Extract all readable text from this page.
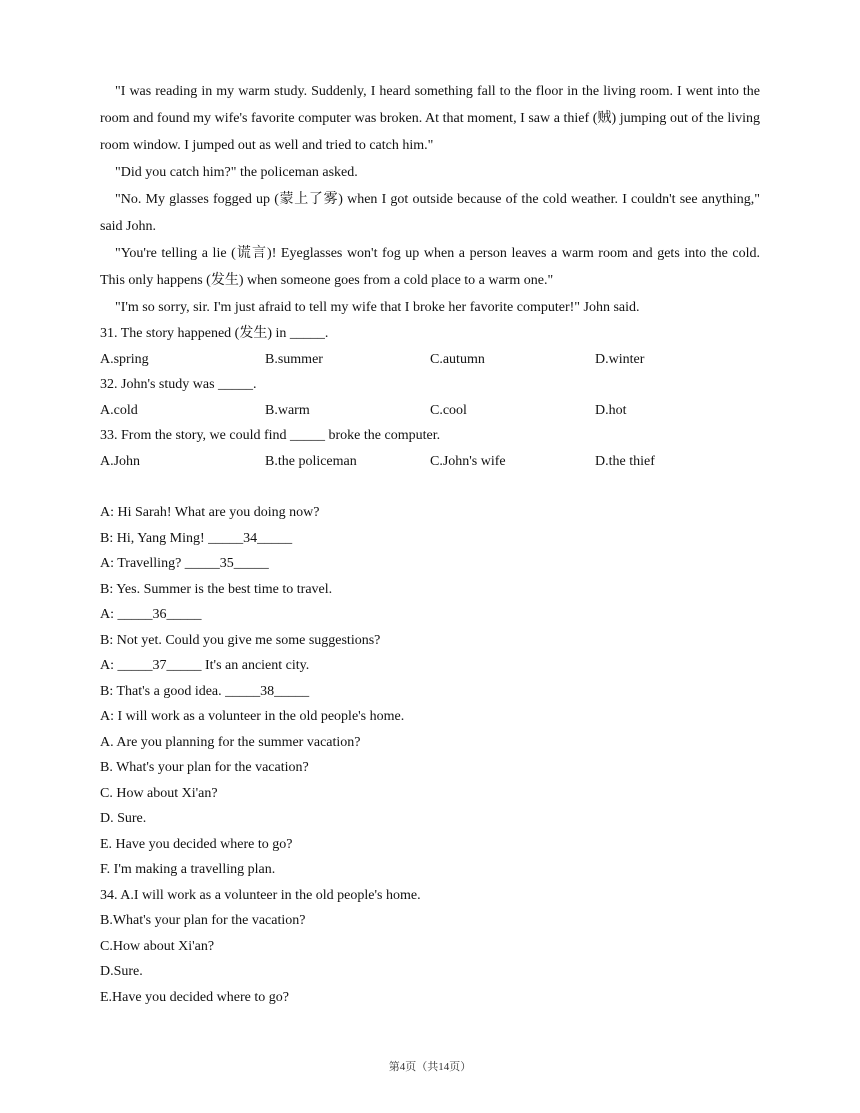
"I was reading in my warm study. Suddenly, I heard something fall to the floor in the living room. I went into the room and found my wife's favorite computer was broken. At that moment, I saw a thief (贼) jumping out of the living room window. I jumped out as well and tried to catch him."

"Did you catch him?" the policeman asked.

"No. My glasses fogged up (蒙上了雾) when I got outside because of the cold weather. I couldn't see anything," said John.

"You're telling a lie (谎言)! Eyeglasses won't fog up when a person leaves a warm room and gets into the cold. This only happens (发生) when someone goes from a cold place to a warm one."

"I'm so sorry, sir. I'm just afraid to tell my wife that I broke her favorite computer!" John said.

31. The story happened (发生) in _____.

A.spring	B.summer	C.autumn	D.winter

32. John's study was _____.

A.cold	B.warm	C.cool	D.hot

33. From the story, we could find _____ broke the computer.

A.John	B.the policeman	C.John's wife	D.the thief

A: Hi Sarah! What are you doing now?

B: Hi, Yang Ming! _____34_____

A: Travelling? _____35_____

B: Yes. Summer is the best time to travel.

A: _____36_____

B: Not yet. Could you give me some suggestions?

A: _____37_____ It's an ancient city.

B: That's a good idea. _____38_____

A: I will work as a volunteer in the old people's home.

A. Are you planning for the summer vacation?

B. What's your plan for the vacation?

C. How about Xi'an?

D. Sure.

E. Have you decided where to go?

F. I'm making a travelling plan.

34. A.I will work as a volunteer in the old people's home.

B.What's your plan for the vacation?

C.How about Xi'an?

D.Sure.

E.Have you decided where to go?

第4页（共14页）
